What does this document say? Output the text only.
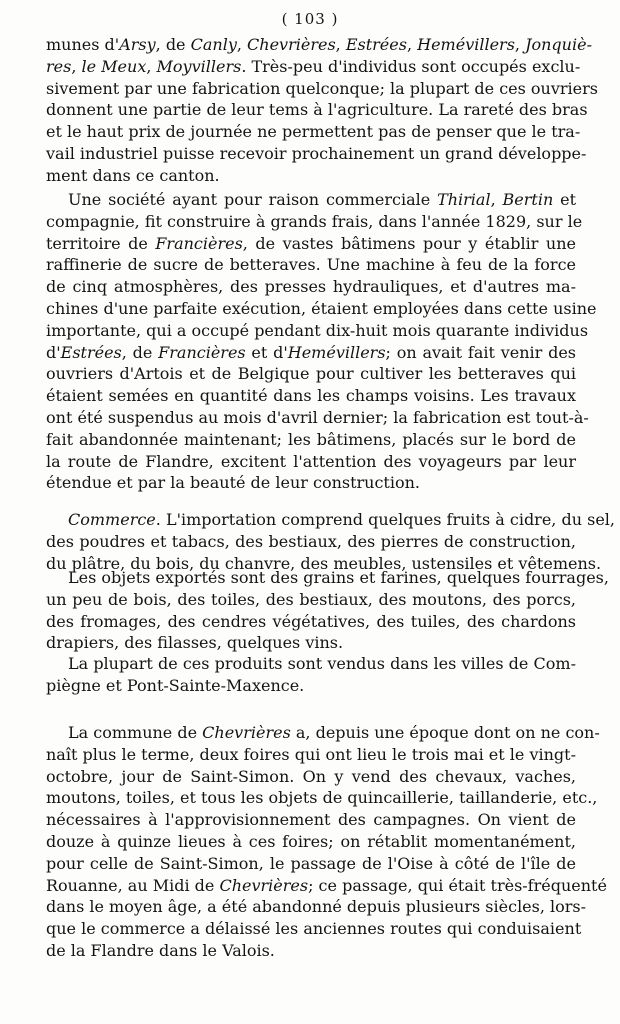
( 103 )
munes d'Arsy, de Canly, Chevrières, Estrées, Hemévillers, Jonquiè-
res, le Meux, Moyvillers. Très-peu d'individus sont occupés exclu-
sivement par une fabrication quelconque; la plupart de ces ouvriers
donnent une partie de leur tems à l'agriculture. La rareté des bras
et le haut prix de journée ne permettent pas de penser que le tra-
vail industriel puisse recevoir prochainement un grand développe-
ment dans ce canton.
Une société ayant pour raison commerciale Thirial, Bertin et
compagnie, fit construire à grands frais, dans l'année 1829, sur le
territoire de Francières, de vastes bâtimens pour y établir une
raffinerie de sucre de betteraves. Une machine à feu de la force
de cinq atmosphères, des presses hydrauliques, et d'autres ma-
chines d'une parfaite exécution, étaient employées dans cette usine
importante, qui a occupé pendant dix-huit mois quarante individus
d'Estrées, de Francières et d'Hemévillers; on avait fait venir des
ouvriers d'Artois et de Belgique pour cultiver les betteraves qui
étaient semées en quantité dans les champs voisins. Les travaux
ont été suspendus au mois d'avril dernier; la fabrication est tout-à-
fait abandonnée maintenant; les bâtimens, placés sur le bord de
la route de Flandre, excitent l'attention des voyageurs par leur
étendue et par la beauté de leur construction.
Commerce. L'importation comprend quelques fruits à cidre, du sel,
des poudres et tabacs, des bestiaux, des pierres de construction,
du plâtre, du bois, du chanvre, des meubles, ustensiles et vêtemens.
Les objets exportés sont des grains et farines, quelques fourrages,
un peu de bois, des toiles, des bestiaux, des moutons, des porcs,
des fromages, des cendres végétatives, des tuiles, des chardons
drapiers, des filasses, quelques vins.
La plupart de ces produits sont vendus dans les villes de Com-
piègne et Pont-Sainte-Maxence.
La commune de Chevrières a, depuis une époque dont on ne con-
naît plus le terme, deux foires qui ont lieu le trois mai et le vingt-
octobre, jour de Saint-Simon. On y vend des chevaux, vaches,
moutons, toiles, et tous les objets de quincaillerie, taillanderie, etc.,
nécessaires à l'approvisionnement des campagnes. On vient de
douze à quinze lieues à ces foires; on rétablit momentanément,
pour celle de Saint-Simon, le passage de l'Oise à côté de l'île de
Rouanne, au Midi de Chevrières; ce passage, qui était très-fréquenté
dans le moyen âge, a été abandonné depuis plusieurs siècles, lors-
que le commerce a délaissé les anciennes routes qui conduisaient
de la Flandre dans le Valois.
